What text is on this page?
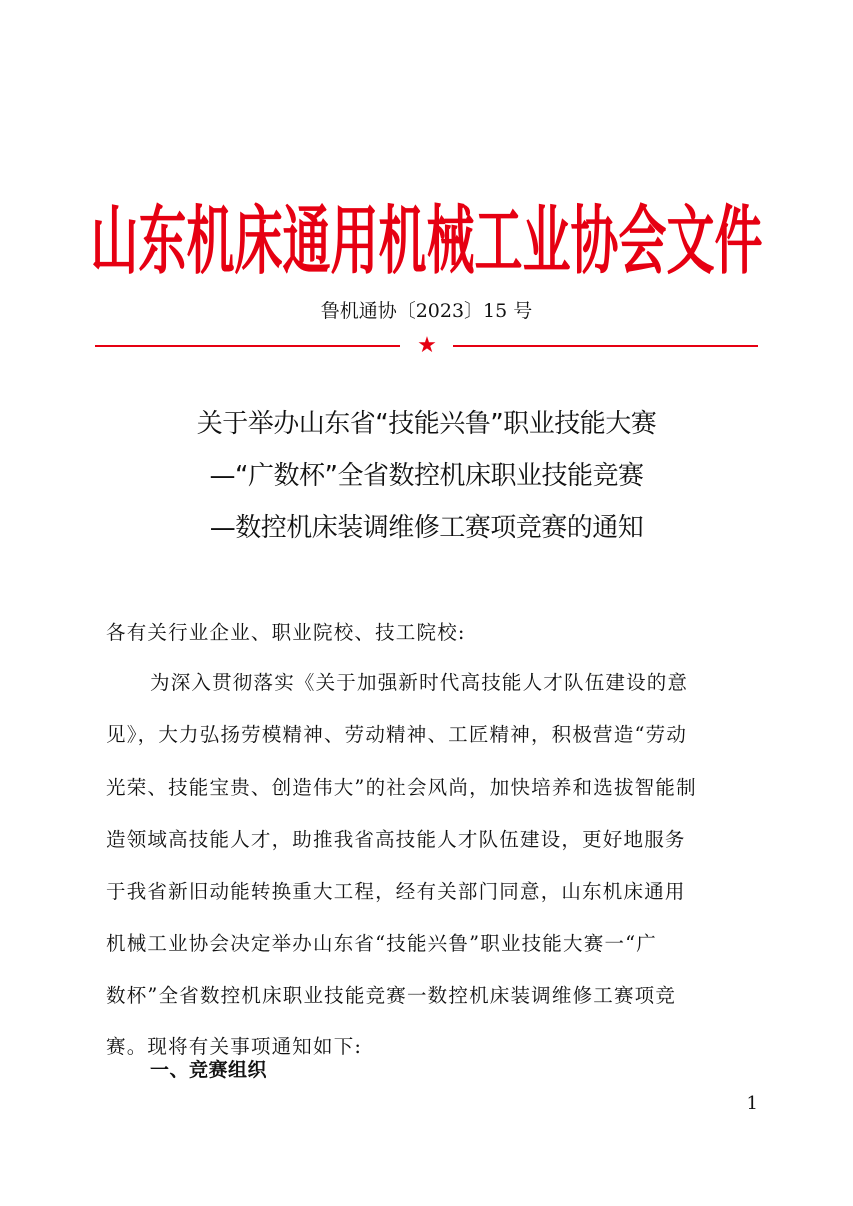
山东机床通用机械工业协会文件
鲁机通协〔2023〕15 号
★
关于举办山东省“技能兴鲁”职业技能大赛
—“广数杯”全省数控机床职业技能竞赛
—数控机床装调维修工赛项竞赛的通知
各有关行业企业、职业院校、技工院校:
为深入贯彻落实《关于加强新时代高技能人才队伍建设的意
见》，大力弘扬劳模精神、劳动精神、工匠精神，积极营造“劳动
光荣、技能宝贵、创造伟大”的社会风尚，加快培养和选拔智能制
造领域高技能人才，助推我省高技能人才队伍建设，更好地服务
于我省新旧动能转换重大工程，经有关部门同意，山东机床通用
机械工业协会决定举办山东省“技能兴鲁”职业技能大赛一“广
数杯”全省数控机床职业技能竞赛一数控机床装调维修工赛项竞
赛。现将有关事项通知如下:
一、竞赛组织
1
